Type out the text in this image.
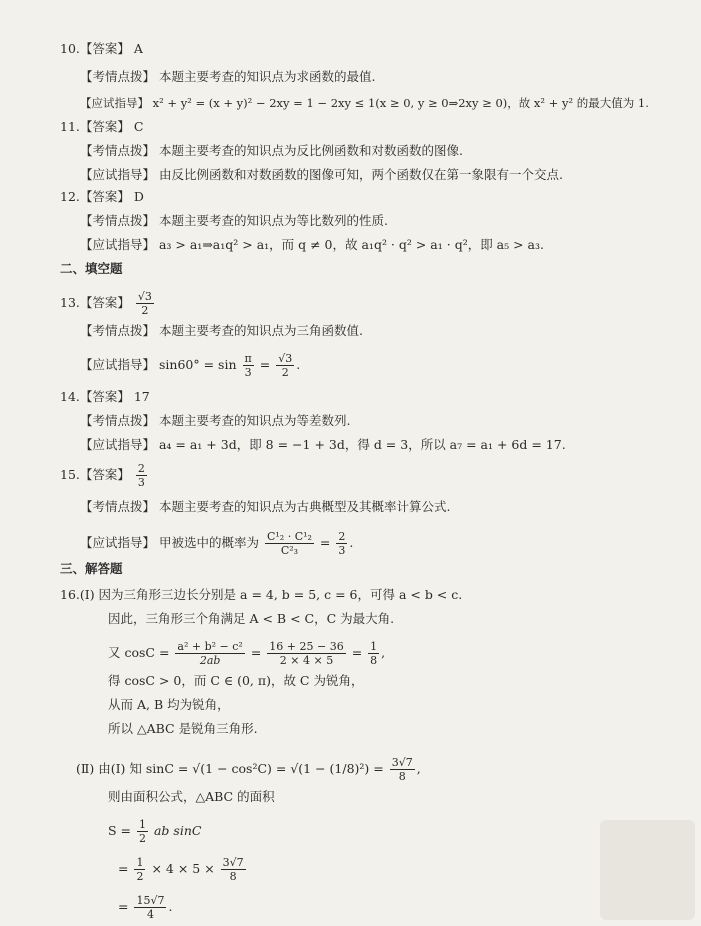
10.【答案】 A
【考情点拨】 本题主要考查的知识点为求函数的最值.
【应试指导】 x² + y² = (x + y)² − 2xy = 1 − 2xy ≤ 1(x ≥ 0, y ≥ 0⇒2xy ≥ 0)，故 x² + y² 的最大值为 1.
11.【答案】 C
【考情点拨】 本题主要考查的知识点为反比例函数和对数函数的图像.
【应试指导】 由反比例函数和对数函数的图像可知，两个函数仅在第一象限有一个交点.
12.【答案】 D
【考情点拨】 本题主要考查的知识点为等比数列的性质.
【应试指导】 a₃ > a₁⇒a₁q² > a₁，而 q ≠ 0，故 a₁q² · q² > a₁ · q²，即 a₅ > a₃.
二、填空题
13.【答案】 $\frac{√3}{2}$
【考情点拨】 本题主要考查的知识点为三角函数值.
【应试指导】 $\sin 60^\circ = \sin \frac{\pi}{3} = \frac{√3}{2}$ .
14.【答案】 17
【考情点拨】 本题主要考查的知识点为等差数列.
【应试指导】 a₄ = a₁ + 3d，即 8 = −1 + 3d，得 d = 3，所以 a₇ = a₁ + 6d = 17.
15.【答案】 $\frac{2}{3}$
【考情点拨】 本题主要考查的知识点为古典概型及其概率计算公式.
【应试指导】 甲被选中的概率为 $\frac{\text{C¹₂ · C¹₂}}{\text{C²₃}} = \frac{2}{3}$ .
三、解答题
16.(Ⅰ) 因为三角形三边长分别是 a = 4, b = 5, c = 6，可得 a < b < c.
因此，三角形三个角满足 A < B < C，C 为最大角.
又 $\cos C = \frac{\text{a² + b² − c²}}{2ab} = \frac{16 + 25 - 36}{2 \times 4 \times 5} = \frac{1}{8}$ ,
得 cosC > 0，而 C ∈ (0, π)，故 C 为锐角，
从而 A, B 均为锐角，
所以 △ABC 是锐角三角形.
(Ⅱ) 由(Ⅰ) 知 $\sin C = √(1 - \cos^2C) = √(1 - (1/8)^2) = \frac{3√7}{8}$ ,
则由面积公式，△ABC 的面积
$S = \frac{1}{2}$ ab sinC
= $\frac{1}{2} \times 4 \times 5 \times \frac{3√7}{8}$
= $\frac{15√7}{4}$ .
